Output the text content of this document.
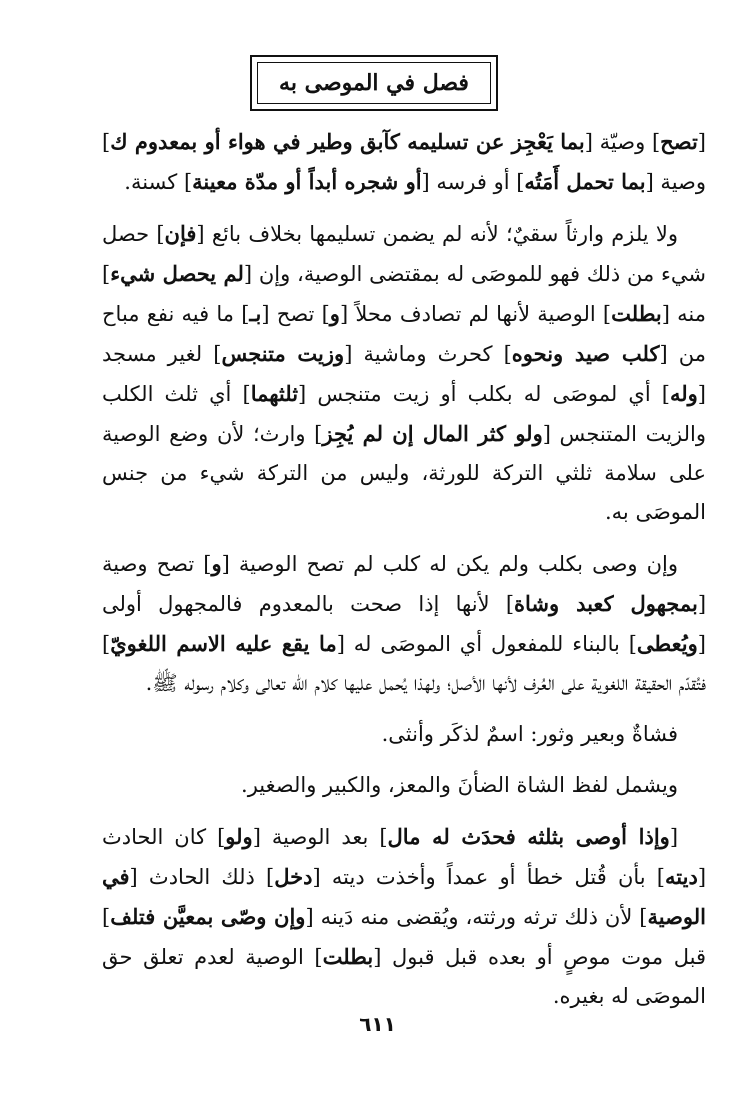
فصل في الموصى به

[تصح] وصيّة [بما يَعْجِز عن تسليمه كآبق وطير في هواء أو بمعدوم ك] وصية [بما تحمل أَمَتُه] أو فرسه [أو شجره أبداً أو مدّة معينة] كسنة.

ولا يلزم وارثاً سقيٌ؛ لأنه لم يضمن تسليمها بخلاف بائع [فإن] حصل شيء من ذلك فهو للموصَى له بمقتضى الوصية، وإن [لم يحصل شيء] منه [بطلت] الوصية لأنها لم تصادف محلاً [و] تصح [بـ] ما فيه نفع مباح من [كلب صيد ونحوه] كحرث وماشية [وزيت متنجس] لغير مسجد [وله] أي لموصَى له بكلب أو زيت متنجس [ثلثهما] أي ثلث الكلب والزيت المتنجس [ولو كثر المال إن لم يُجِز] وارث؛ لأن وضع الوصية على سلامة ثلثي التركة للورثة، وليس من التركة شيء من جنس الموصَى به.

وإن وصى بكلب ولم يكن له كلب لم تصح الوصية [و] تصح وصية [بمجهول كعبد وشاة] لأنها إذا صحت بالمعدوم فالمجهول أولى [ويُعطى] بالبناء للمفعول أي الموصَى له [ما يقع عليه الاسم اللغويّ] فتُقدّم الحقيقة اللغوية على العُرف لأنها الأصل؛ ولهذا يُحمل عليها كلام الله تعالى وكلام رسوله ﷺ.

فشاةٌ وبعير وثور: اسمٌ لذكَر وأنثى.

ويشمل لفظ الشاة الضأنَ والمعز، والكبير والصغير.

[وإذا أوصى بثلثه فحدَث له مال] بعد الوصية [ولو] كان الحادث [ديته] بأن قُتل خطأ أو عمداً وأخذت ديته [دخل] ذلك الحادث [في الوصية] لأن ذلك ترثه ورثته، ويُقضى منه دَينه [وإن وصّى بمعيَّن فتلف] قبل موت موصٍ أو بعده قبل قبول [بطلت] الوصية لعدم تعلق حق الموصَى له بغيره.

٦١١
